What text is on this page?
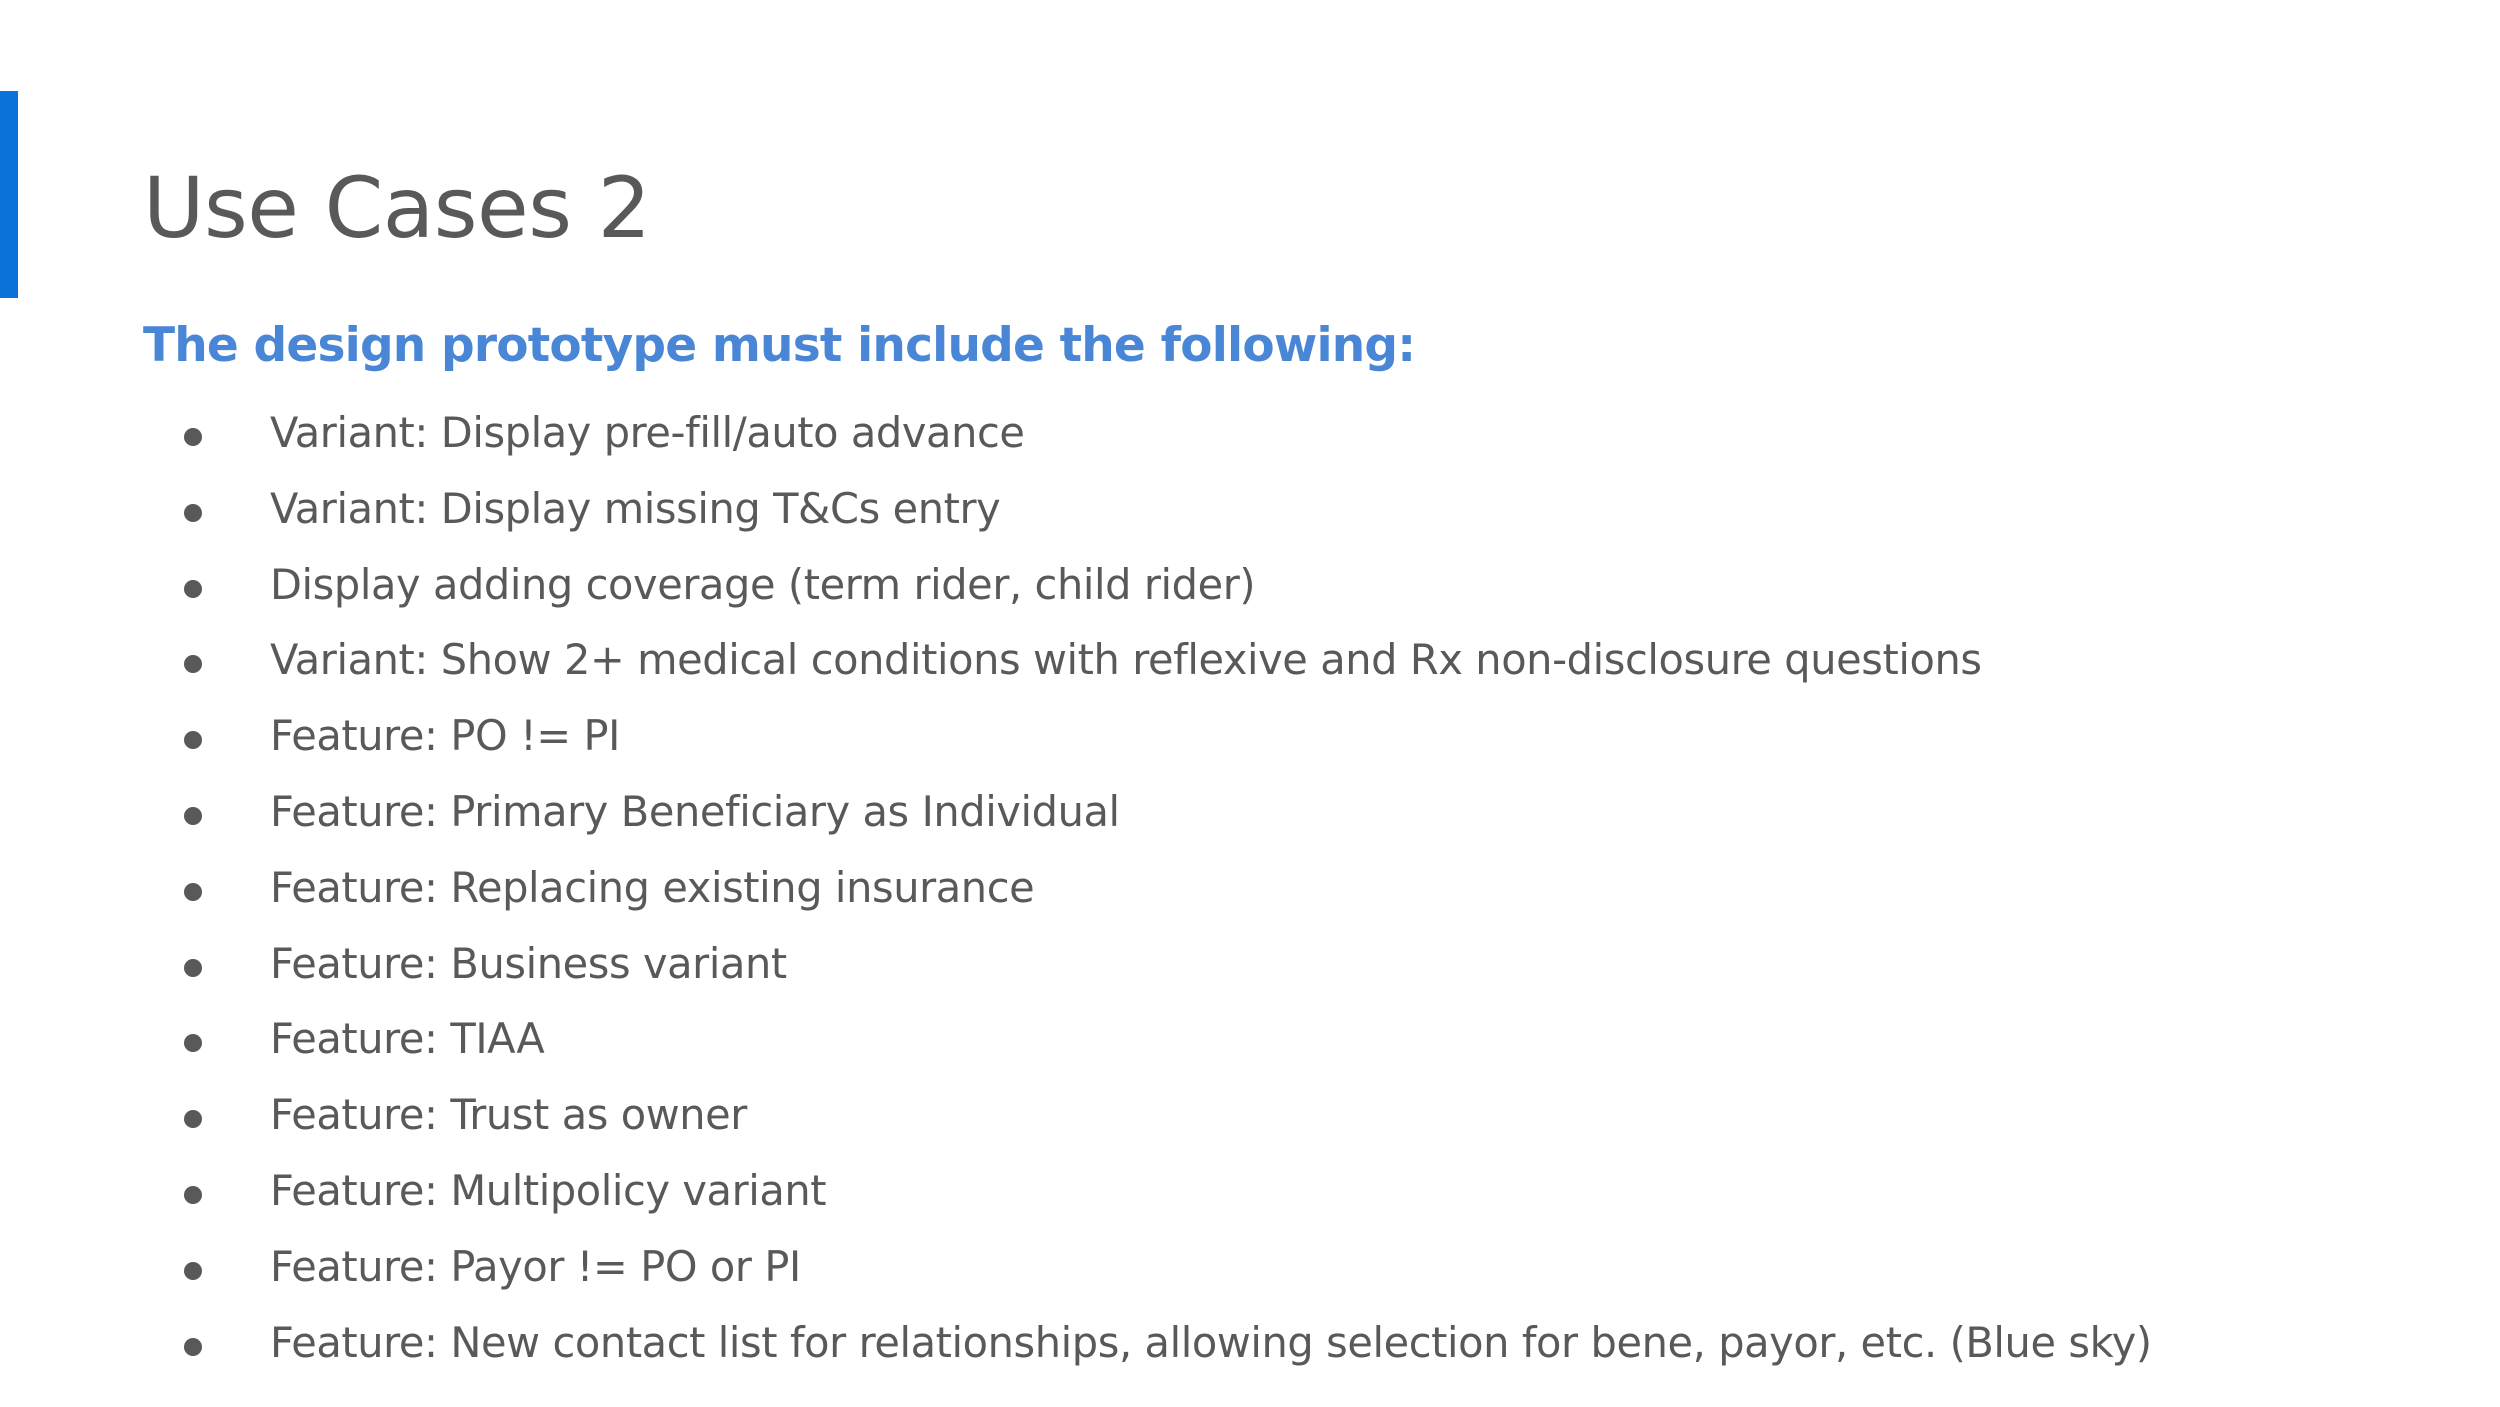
Use Cases 2
The design prototype must include the following:
Variant: Display pre-fill/auto advance
Variant: Display missing T&Cs entry
Display adding coverage (term rider, child rider)
Variant: Show 2+ medical conditions with reflexive and Rx non-disclosure questions
Feature: PO != PI
Feature: Primary Beneficiary as Individual
Feature: Replacing existing insurance
Feature: Business variant
Feature: TIAA
Feature: Trust as owner
Feature: Multipolicy variant
Feature: Payor != PO or PI
Feature: New contact list for relationships, allowing selection for bene, payor, etc. (Blue sky)
